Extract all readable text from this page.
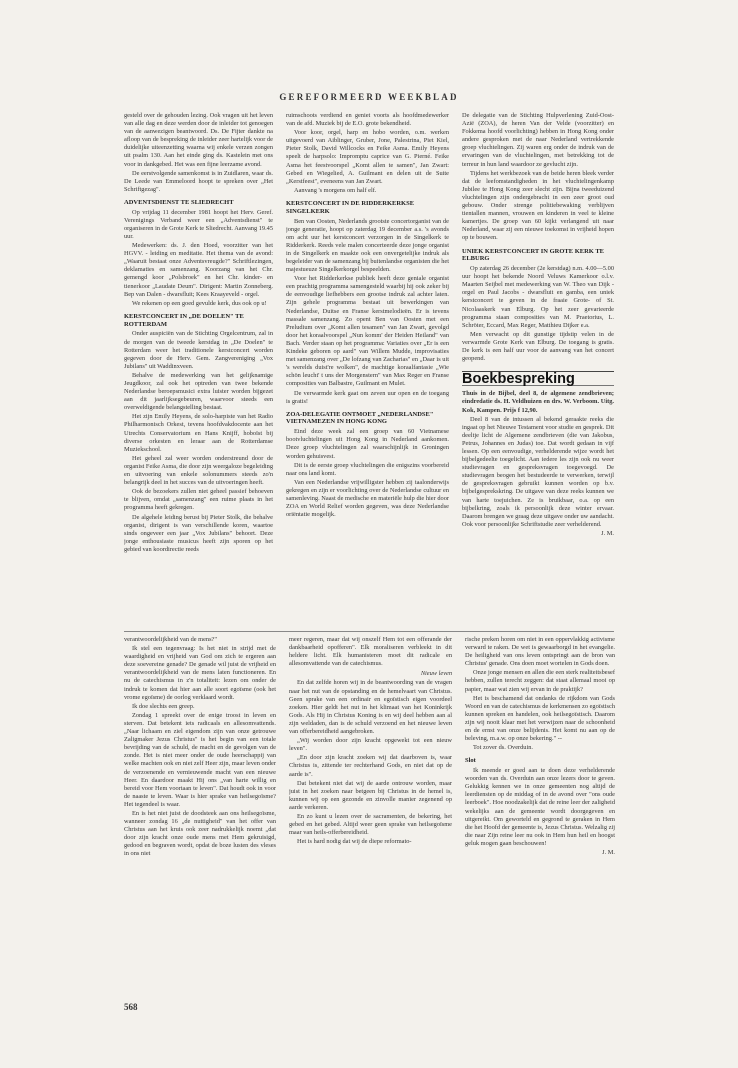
GEREFORMEERD WEEKBLAD

gesteld over de gehouden lezing. Ook vragen uit het leven van alle dag en deze werden door de inleider tot genoegen van de aanwezigen beantwoord. Ds. De Fijter dankte na afloop van de bespreking de inleider zeer hartelijk voor de duidelijke uiteenzetting waarna wij enkele verzen zongen uit psalm 130. Aan het einde ging ds. Kastelein met ons voor in dankgebed. Het was een fijne leerzame avond.

De eerstvolgende samenkomst is in Zuidlaren, waar ds. De Leede van Emmeloord hoopt te spreken over „Het Schriftgezag".

ADVENTSDIENST TE SLIEDRECHT

Op vrijdag 11 december 1981 hoopt het Herv. Geref. Verenigings Verband weer een „Adventsdienst" te organiseren in de Grote Kerk te Sliedrecht. Aanvang 19.45 uur.

Medewerken: ds. J. den Hoed, voorzitter van het HGVV. - leiding en meditatie. Het thema van de avond: „Waaruit bestaat onze Adventsvreugde?" Schriftlezingen, deklamaties en samenzang. Koorzang van het Chr. gemengd koor „Polsbroek" en het Chr. kinder- en tienerkoor „Laudate Deum". Dirigent: Martin Zonneberg. Bep van Dalen - dwarsfluit; Kees Kraayeveld - orgel.

We rekenen op een goed gevulde kerk, dus ook op u!

KERSTCONCERT IN „DE DOELEN" TE ROTTERDAM

Onder auspiciën van de Stichting Orgelcentrum, zal in de morgen van de tweede kerstdag in „De Doelen" te Rotterdam weer het traditionele kerstconcert worden gegeven door de Herv. Gem. Zangvereniging „Vox Jubilans" uit Waddinxveen.

Behalve de medewerking van het gelijknamige Jeugdkoor, zal ook het optreden van twee bekende Nederlandse beroepsmusici extra luister worden bijgezet aan dit jaarlijksegebeuren, waarvoor steeds een overweldigende belangstelling bestaat.

Het zijn Emily Heyens, de solo-harpiste van het Radio Philharmonisch Orkest, tevens hoofdvakdocente aan het Utrechts Conservatorium en Hans Knijff, hoboïst bij diverse orkesten en leraar aan de Rotterdamse Muziekschool.

Het geheel zal weer worden onderstreund door de organist Feike Asma, die door zijn weergaloze begeleiding en uitvoering van enkele solonummers steeds zo'n belangrijk deel in het succes van de uitvoeringen heeft.

Ook de bezoekers zullen niet geheel passief behoeven te blijven, omdat „samenzang" een ruime plaats in het programma heeft gekregen.

De algehele leiding berust bij Pieter Stolk, die behalve organist, dirigent is van verschillende koren, waartoe sinds ongeveer een jaar „Vox Jubilans" behoort. Deze jonge enthousiaste musicus heeft zijn sporen op het gebied van koordirectie reeds

ruimschoots verdiend en geniet voorts als hoofdmedewerker van de afd. Muziek bij de E.O. grote bekendheid.

Voor koor, orgel, harp en hobo worden, o.m. werken uitgevoerd van Aiblinger, Gruber, Jone, Palestrina, Piet Kiel, Pieter Stolk, David Willcocks en Feike Asma. Emily Heyens speelt de harpsolo: Impromptu caprice van G. Pierné. Feike Asma het feestvoorspel „Komt allen te samen", Jan Zwart: Gebed en Wiegelied, A. Guilmant en delen uit de Suite „Kerstfeest", eveneens van Jan Zwart.

Aanvang 's morgens om half elf.

KERSTCONCERT IN DE RIDDERKERKSE SINGELKERK

Ben van Oosten, Nederlands grootste concertorganist van de jonge generatie, hoopt op zaterdag 19 december a.s. 's avonds om acht uur het kerstconcert verzorgen in de Singelkerk te Ridderkerk. Reeds vele malen concerteerde deze jonge organist in de Singelkerk en maakte ook een onvergetelijke indruk als begeleider van de samenzang bij buitenlandse organisten die het majestueuze Singelkerkorgel bespeelden.

Voor het Ridderkerkse publiek heeft deze geniale organist een prachtig programma samengesteld waarbij hij ook zeker bij de eenvoudige liefhebbers een grootse indruk zal achter laten. Zijn gehele programma bestaat uit bewerkingen van Nederlandse, Duitse en Franse kerstmelodieën. Er is tevens massale samenzang. Zo opent Ben van Oosten met een Preludium over „Komt allen tesamen" van Jan Zwart, gevolgd door het koraalvoorspel „Nun komm' der Heiden Heiland" van Bach. Verder staan op het programma: Variaties over „Er is een Kindeke geboren op aard" van Willem Mudde, improvisaties met samenzang over „De lofzang van Zacharias" en „Daar is uit 's werelds duist're wolken", de machtige koraalfantasie „Wie schön leucht' t uns der Morgenstern" van Max Reger en Franse composities van Balbastre, Guilmant en Mulet.

De verwarmde kerk gaat om zeven uur open en de toegang is gratis!

ZOA-DELEGATIE ONTMOET „NEDERLANDSE" VIETNAMEZEN IN HONG KONG

Eind deze week zal een groep van 60 Vietnamese bootvluchtelingen uit Hong Kong in Nederland aankomen. Deze groep vluchtelingen zal waarschijnlijk in Groningen worden gehuisvest.

Dit is de eerste groep vluchtelingen die enigszins voorbereid naar ons land komt.

Van een Nederlandse vrijwilligster hebben zij taalonderwijs gekregen en zijn er voorlichting over de Nederlandse cultuur en samenleving. Naast de medische en materiële hulp die hier door ZOA en World Relief worden gegeven, was deze Nederlandse oriëntatie mogelijk.

De delegatie van de Stichting Hulpverlening Zuid-Oost-Azië (ZOA), de heren Van der Velde (voorzitter) en Fokkema hoofd voorlichting) hebben in Hong Kong onder andere gesproken met de naar Nederland vertrekkende groep vluchtelingen. Zij waren erg onder de indruk van de ervaringen van de vluchtelingen, met betrekking tot de terreur in hun land waardoor ze gevlucht zijn.

Tijdens het werkbezoek van de beide heren bleek verder dat de leefomstandigheden in het vluchtelingenkamp Jubilee te Hong Kong zeer slecht zijn. Bijna tweeduizend vluchtelingen zijn ondergebracht in een zeer groot oud gebouw. Onder strenge politiebewaking verblijven tientallen mannen, vrouwen en kinderen in veel te kleine kamertjes. De groep van 60 kijkt verlangend uit naar Nederland, waar zij een nieuwe toekomst in vrijheid hopen op te bouwen.

UNIEK KERSTCONCERT IN GROTE KERK TE ELBURG

Op zaterdag 26 december (2e kerstdag) n.m. 4.00—5.00 uur hoopt het bekende Noord Veluws Kamerkoor o.l.v. Maarten Seijbel met medewerking van W. Theo van Dijk - orgel en Paul Jacobs - dwarsfluit en gamba, een uniek kerstconcert te geven in de fraaie Grote- of St. Nicolaaskerk van Elburg. Op het zeer gevarieerde programma staan composities van M. Praetorius, L. Schröter, Eccard, Max Reger, Matthieu Dijker e.a.

Men verwacht op dit gunstige tijdstip velen in de verwarmde Grote Kerk van Elburg. De toegang is gratis. De kerk is een half uur voor de aanvang van het concert geopend.

Boekbespreking

Thuis in de Bijbel, deel 8, de algemene zendbrieven; eindredatie ds. H. Veldhuizen en drs. W. Verboom. Uitg. Kok, Kampen. Prijs f 12,90.

Deel 8 van de intussen al bekend geraakte reeks die ingaat op het Nieuwe Testament voor studie en gesprek. Dit deeltje licht de Algemene zendbrieven (die van Jakobus, Petrus, Johannes en Judas) toe. Dat wordt gedaan in vijf lessen. Op een eenvoudige, verhelderende wijze wordt het bijbelgedeelte toegelicht. Aan iedere les zijn ook nu weer studievragen en gespreksvragen toegevoegd. De studievragen beogen het bestudeerde te verwerken, terwijl de gespreksvragen gebruikt kunnen worden op b.v. bijbelgesprekskring. De uitgave van deze reeks kunnen we van harte toejuichen. Ze is bruikbaar, o.a. op een bijbelkring, zoals ik persoonlijk deze winter ervaar. Daarom brengen we graag deze uitgave onder uw aandacht. Ook voor persoonlijke Schriftstudie zeer verhelderend.

J. M.

verantwoordelijkheid van de mens?"

Ik stel een tegenvraag: Is het niet in strijd met de waardigheid en vrijheid van God om zich te ergeren aan deze soevereine genade? De genade wil juist de vrijheid en verantwoordelijkheid van de mens laten functioneren. En nu de catechismus in z'n totaliteit: lezen om onder de indruk te komen dat hier aan alle soort egoïsme (ook het vrome egoïsme) de oorlog verklaard wordt.

Ik doe slechts een greep.

Zondag 1 spreekt over de enige troost in leven en sterven. Dat betekent iets radicaals en allesomvattends. „Naar lichaam en ziel eigendom zijn van onze getrouwe Zaligmaker Jezus Christus" is het begin van een totale bevrijding van de schuld, de macht en de gevolgen van de zonde. Het is niet meer onder de oude heerschappij van welke machten ook en niet zelf Heer zijn, maar leven onder de verzoenende en vernieuwende macht van een nieuwe Heer. En daardoor maakt Hij ons „van harte willig en bereid voor Hem voortaan te leven". Dat houdt ook in voor de naaste te leven. Waar is hier sprake van heilsegoïsme? Het tegendeel is waar.

En is het niet juist de doodsteek aan ons heilsegoïsme, wanneer zondag 16 „de nuttigheid" van het offer van Christus aan het kruis ook zeer nadrukkelijk noemt „dat door zijn kracht onze oude mens met Hem gekruisigd, gedood en begraven wordt, opdat de boze lusten des vleses in ons niet

meer regeren, maar dat wij onszelf Hem tot een offerande der dankbaarheid opofferen". Elk moraliseren verbleekt in dit heldere licht. Elk humanisteren moet dit radicale en allesomvattende van de catechismus.

Nieuw leven

En dat zelfde horen wij in de beantwoording van de vragen naar het nut van de opstanding en de hemelvaart van Christus. Geen sprake van een ordinair en egoïstisch eigen voordeel zoeken. Hier geldt het nut in het klimaat van het Koninkrijk Gods. Als Hij in Christus Koning is en wij deel hebben aan al zijn weldaden, dan is de schuld verzoend en het nieuwe leven van offerbereidheid aangebroken.

„Wij worden door zijn kracht opgewekt tot een nieuw leven".

„En door zijn kracht zoeken wij dat daarboven is, waar Christus is, zittende ter rechterhand Gods, en niet dat op de aarde is".

Dat betekent niet dat wij de aarde ontrouw worden, maar juist in het zoeken naar betgeen bij Christus in de hemel is, kunnen wij op een gezonde en zinvolle manier zegenend op aarde verkeren.

En zo kunt u lezen over de sacramenten, de bekering, het gebed en het gebed. Altijd weer geen sprake van heilsegoïsme maar van heils-offerbereidheid.

Het is hard nodig dat wij de diepe reformato-

rische preken horen om niet in een oppervlakkig activisme verward te raken. De wet is gewaarborgd in het evangelie. De heiligheid van ons leven ontspringt aan de bron van Christus' genade. Ons doen moet wortelen in Gods doen.

Onze jonge mensen en allen die een sterk realiteitsbesef hebben, zullen terecht zeggen: dat staat allemaal mooi op papier, maar wat zien wij ervan in de praktijk?

Het is beschamend dat ondanks de rijkdom van Gods Woord en van de catechismus de kerkmensen zo egoïstisch kunnen spreken en handelen, ook heilsegoïstisch. Daarom zijn wij nooit klaar met het verwijzen naar de schoonheid en de ernst van onze belijdenis. Het komt nu aan op de beleving, m.a.w. op onze bekering." --

Tot zover ds. Overduin.

Slot

Ik meende er goed aan te doen deze verhelderende woorden van ds. Overduin aan onze lezers door te geven. Gelukkig kennen we in onze gemeenten nog altijd de leerdiensten op de middag of in de avond over "ons oude leerboek". Hoe noodzakelijk dat de reine leer der zaligheid wekelijks aan de gemeente wordt doorgegeven en uitgereikt. Om geworteld en gegrond te geraken in Hem die het Hoofd der gemeente is, Jezus Christus. Welzalig zij die naar Zijn reine leer nu ook in Hem hun heil en hoogst geluk mogen gaan beschouwen!

J. M.

568
